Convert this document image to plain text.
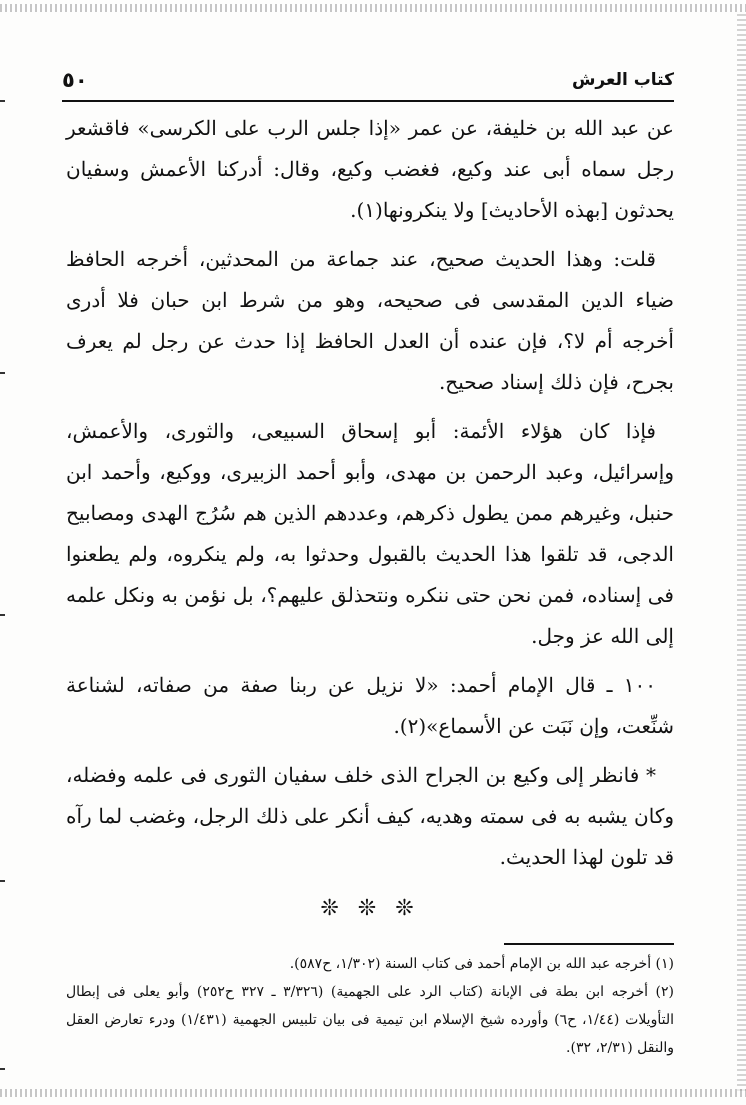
كتاب العرش
٥٠

عن عبد الله بن خليفة، عن عمر «إذا جلس الرب على الكرسى» فاقشعر رجل سماه أبى عند وكيع، فغضب وكيع، وقال: أدركنا الأعمش وسفيان يحدثون [بهذه الأحاديث] ولا ينكرونها(١).

قلت: وهذا الحديث صحيح، عند جماعة من المحدثين، أخرجه الحافظ ضياء الدين المقدسى فى صحيحه، وهو من شرط ابن حبان فلا أدرى أخرجه أم لا؟، فإن عنده أن العدل الحافظ إذا حدث عن رجل لم يعرف بجرح، فإن ذلك إسناد صحيح.

فإذا كان هؤلاء الأئمة: أبو إسحاق السبيعى، والثورى، والأعمش، وإسرائيل، وعبد الرحمن بن مهدى، وأبو أحمد الزبيرى، ووكيع، وأحمد ابن حنبل، وغيرهم ممن يطول ذكرهم، وعددهم الذين هم سُرُج الهدى ومصابيح الدجى، قد تلقوا هذا الحديث بالقبول وحدثوا به، ولم ينكروه، ولم يطعنوا فى إسناده، فمن نحن حتى ننكره ونتحذلق عليهم؟، بل نؤمن به ونكل علمه إلى الله عز وجل.

١٠٠ ـ قال الإمام أحمد: «لا نزيل عن ربنا صفة من صفاته، لشناعة شنِّعت، وإن نَبَت عن الأسماع»(٢).

* فانظر إلى وكيع بن الجراح الذى خلف سفيان الثورى فى علمه وفضله، وكان يشبه به فى سمته وهديه، كيف أنكر على ذلك الرجل، وغضب لما رآه قد تلون لهذا الحديث.

❊ ❊ ❊

(١) أخرجه عبد الله بن الإمام أحمد فى كتاب السنة (١/٣٠٢، ح٥٨٧).

(٢) أخرجه ابن بطة فى الإبانة (كتاب الرد على الجهمية) (٣/٣٢٦ ـ ٣٢٧ ح٢٥٢) وأبو يعلى فى إبطال التأويلات (١/٤٤، ح٦) وأورده شيخ الإسلام ابن تيمية فى بيان تلبيس الجهمية (١/٤٣١) ودرء تعارض العقل والنقل (٢/٣١، ٣٢).
